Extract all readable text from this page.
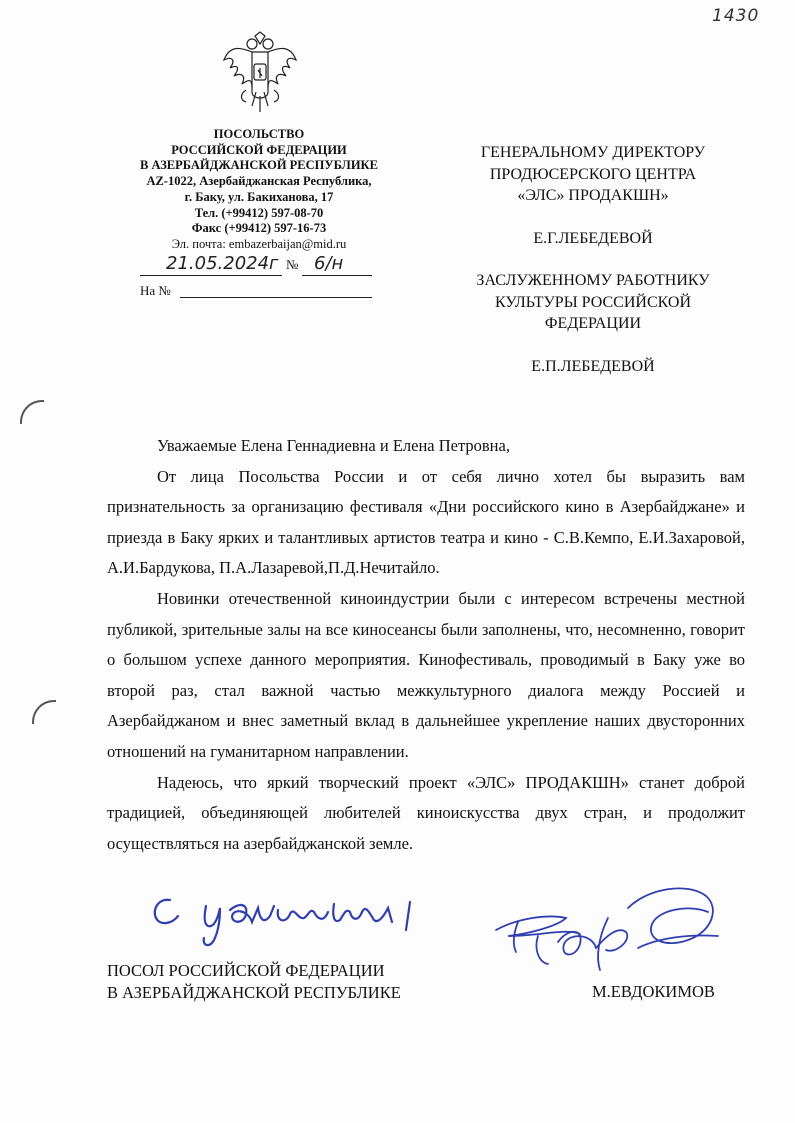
1430
ПОСОЛЬСТВО
РОССИЙСКОЙ ФЕДЕРАЦИИ
В АЗЕРБАЙДЖАНСКОЙ РЕСПУБЛИКЕ
AZ-1022, Азербайджанская Республика,
г. Баку, ул. Бакиханова, 17
Тел. (+99412) 597-08-70
Факс (+99412) 597-16-73
Эл. почта: embazerbaijan@mid.ru
21.05.2024г № 6/н
На №
ГЕНЕРАЛЬНОМУ ДИРЕКТОРУ
ПРОДЮСЕРСКОГО ЦЕНТРА
«ЭЛС» ПРОДАКШН»
Е.Г.ЛЕБЕДЕВОЙ
ЗАСЛУЖЕННОМУ РАБОТНИКУ
КУЛЬТУРЫ РОССИЙСКОЙ
ФЕДЕРАЦИИ
Е.П.ЛЕБЕДЕВОЙ

Уважаемые Елена Геннадиевна и Елена Петровна,

От лица Посольства России и от себя лично хотел бы выразить вам признательность за организацию фестиваля «Дни российского кино в Азербайджане» и приезда в Баку ярких и талантливых артистов театра и кино - С.В.Кемпо, Е.И.Захаровой, А.И.Бардукова, П.А.Лазаревой,П.Д.Нечитайло.

Новинки отечественной киноиндустрии были с интересом встречены местной публикой, зрительные залы на все киносеансы были заполнены, что, несомненно, говорит о большом успехе данного мероприятия. Кинофестиваль, проводимый в Баку уже во второй раз, стал важной частью межкультурного диалога между Россией и Азербайджаном и внес заметный вклад в дальнейшее укрепление наших двусторонних отношений на гуманитарном направлении.

Надеюсь, что яркий творческий проект «ЭЛС» ПРОДАКШН» станет доброй традицией, объединяющей любителей киноискусства двух стран, и продолжит осуществляться на азербайджанской земле.

ПОСОЛ РОССИЙСКОЙ ФЕДЕРАЦИИ
В АЗЕРБАЙДЖАНСКОЙ РЕСПУБЛИКЕ	М.ЕВДОКИМОВ
